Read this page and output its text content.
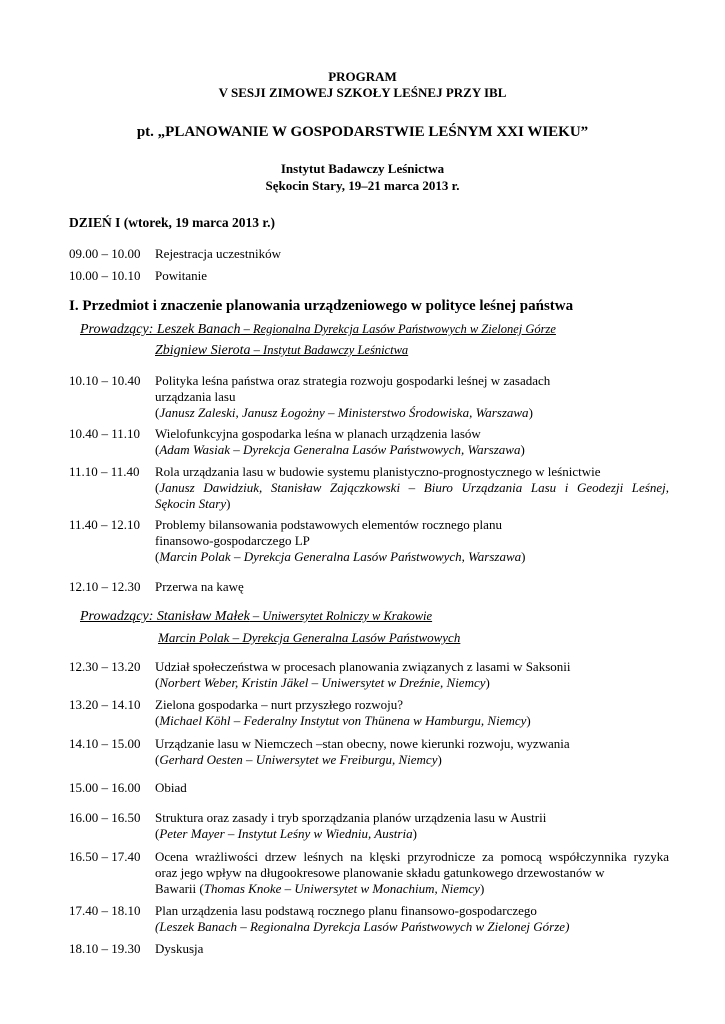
PROGRAM
V SESJI ZIMOWEJ SZKOŁY LEŚNEJ PRZY IBL
pt. „PLANOWANIE W GOSPODARSTWIE LEŚNYM XXI WIEKU”
Instytut Badawczy Leśnictwa
Sękocin Stary, 19–21 marca 2013 r.
DZIEŃ I (wtorek, 19 marca 2013 r.)
09.00 – 10.00 Rejestracja uczestników
10.00 – 10.10 Powitanie
I. Przedmiot i znaczenie planowania urządzeniowego w polityce leśnej państwa
Prowadzący: Leszek Banach – Regionalna Dyrekcja Lasów Państwowych w Zielonej Górze
Zbigniew Sierota – Instytut Badawczy Leśnictwa
10.10 – 10.40 Polityka leśna państwa oraz strategia rozwoju gospodarki leśnej w zasadach
urządzania lasu
(Janusz Zaleski, Janusz Łogożny – Ministerstwo Środowiska, Warszawa)
10.40 – 11.10 Wielofunkcyjna gospodarka leśna w planach urządzenia lasów
(Adam Wasiak – Dyrekcja Generalna Lasów Państwowych, Warszawa)
11.10 – 11.40 Rola urządzania lasu w budowie systemu planistyczno-prognostycznego w leśnictwie
(Janusz Dawidziuk, Stanisław Zajączkowski – Biuro Urządzania Lasu i Geodezji Leśnej,
Sękocin Stary)
11.40 – 12.10 Problemy bilansowania podstawowych elementów rocznego planu
finansowo-gospodarczego LP
(Marcin Polak – Dyrekcja Generalna Lasów Państwowych, Warszawa)
12.10 – 12.30 Przerwa na kawę
Prowadzący: Stanisław Małek – Uniwersytet Rolniczy w Krakowie
Marcin Polak – Dyrekcja Generalna Lasów Państwowych
12.30 – 13.20 Udział społeczeństwa w procesach planowania związanych z lasami w Saksonii
(Norbert Weber, Kristin Jäkel – Uniwersytet w Dreźnie, Niemcy)
13.20 – 14.10 Zielona gospodarka – nurt przyszłego rozwoju?
(Michael Köhl – Federalny Instytut von Thünena w Hamburgu, Niemcy)
14.10 – 15.00 Urządzanie lasu w Niemczech –stan obecny, nowe kierunki rozwoju, wyzwania
(Gerhard Oesten – Uniwersytet we Freiburgu, Niemcy)
15.00 – 16.00 Obiad
16.00 – 16.50 Struktura oraz zasady i tryb sporządzania planów urządzenia lasu w Austrii
(Peter Mayer – Instytut Leśny w Wiedniu, Austria)
16.50 – 17.40 Ocena wrażliwości drzew leśnych na klęski przyrodnicze za pomocą współczynnika ryzyka
oraz jego wpływ na długookresowe planowanie składu gatunkowego drzewostanów w
Bawarii (Thomas Knoke – Uniwersytet w Monachium, Niemcy)
17.40 – 18.10 Plan urządzenia lasu podstawą rocznego planu finansowo-gospodarczego
(Leszek Banach – Regionalna Dyrekcja Lasów Państwowych w Zielonej Górze)
18.10 – 19.30 Dyskusja
